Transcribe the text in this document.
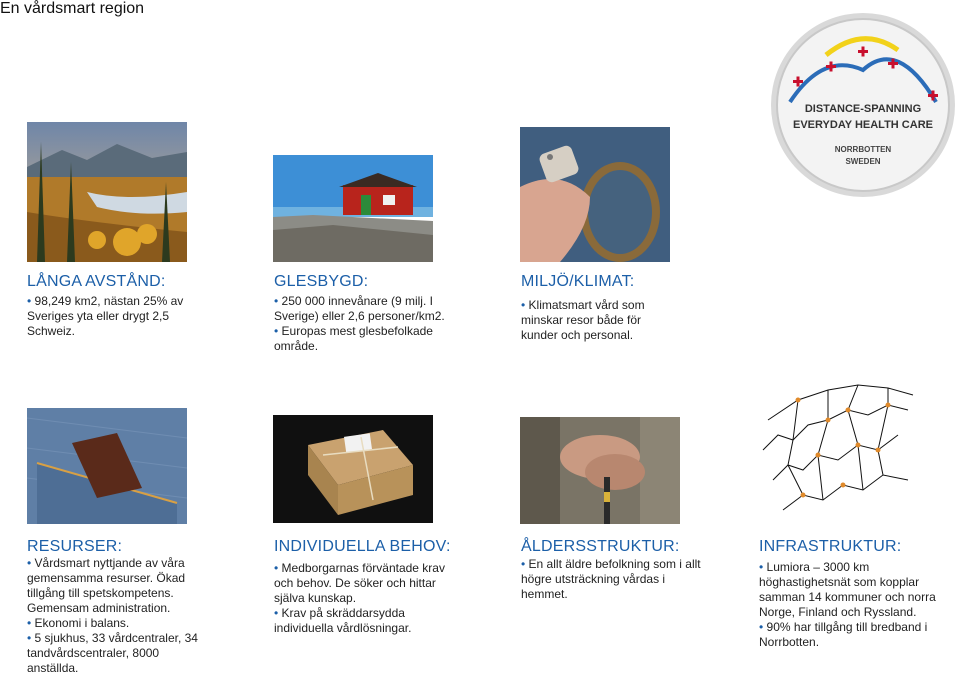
En vårdsmart region
DISTANCE-SPANNING
EVERYDAY HEALTH CARE
NORRBOTTEN
SWEDEN
LÅNGA AVSTÅND:

• 98,249 km2, nästan 25% av Sveriges yta eller drygt 2,5 Schweiz.

GLESBYGD:

• 250 000 innevånare (9 milj. I Sverige) eller 2,6 personer/km2.

• Europas mest glesbefolkade område.

MILJÖ/KLIMAT:

• Klimatsmart vård som minskar resor både för kunder och personal.

RESURSER:

• Vårdsmart nyttjande av våra gemensamma resurser. Ökad tillgång till spetskompetens. Gemensam administration.

• Ekonomi i balans.

• 5 sjukhus, 33 vårdcentraler, 34 tandvårdscentraler, 8000 anställda.

INDIVIDUELLA BEHOV:

• Medborgarnas förväntade krav och behov. De söker och hittar själva kunskap.

• Krav på skräddarsydda individuella vårdlösningar.

ÅLDERSSTRUKTUR:

• En allt äldre befolkning som i allt högre utsträckning vårdas i hemmet.

INFRASTRUKTUR:

• Lumiora – 3000 km höghastighetsnät som kopplar samman 14 kommuner och norra Norge, Finland och Ryssland.

• 90% har tillgång till bredband i Norrbotten.
